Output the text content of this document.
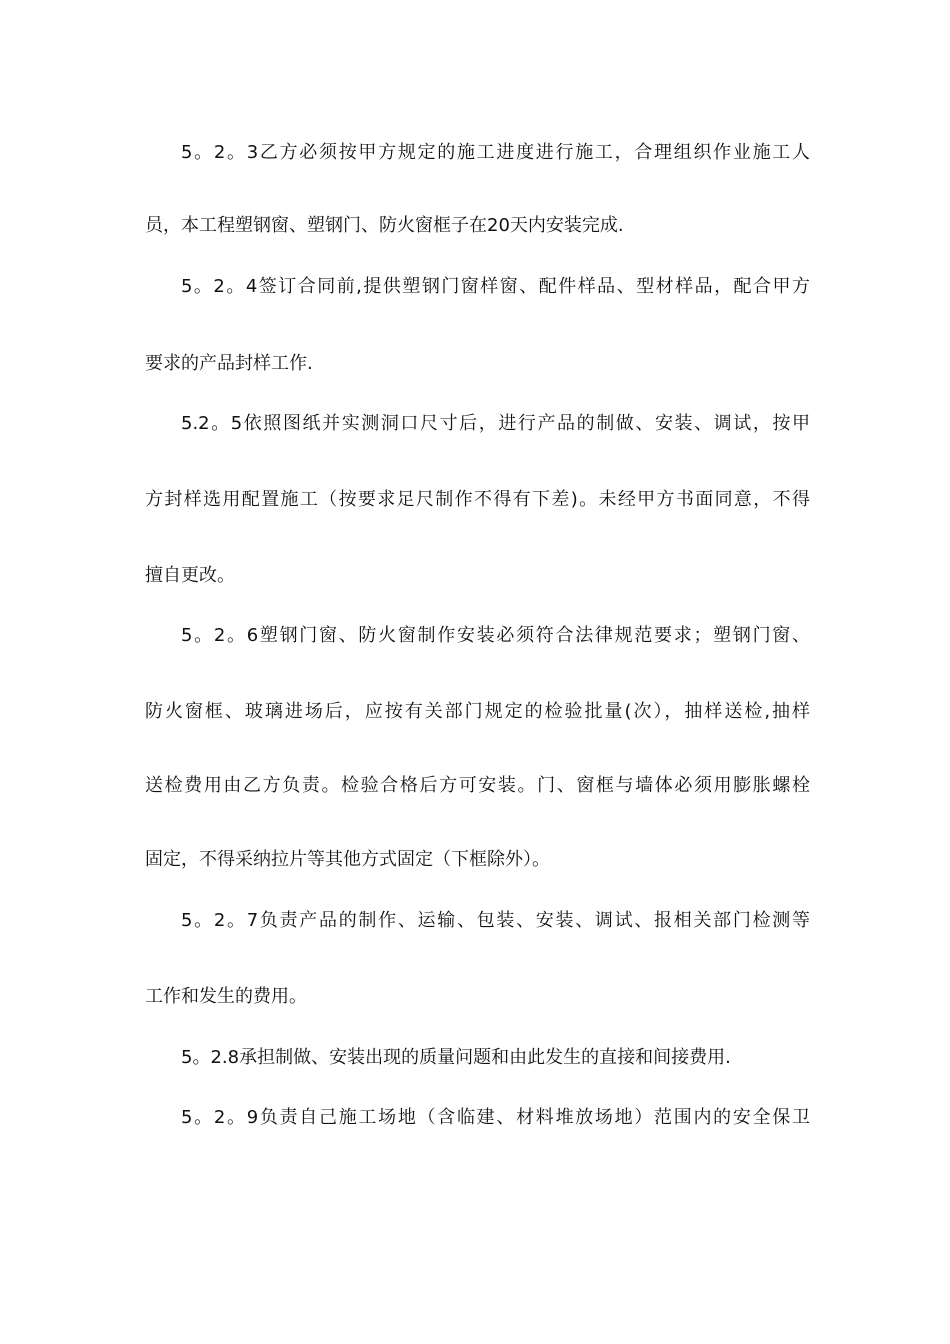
5。2。3乙方必须按甲方规定的施工进度进行施工，合理组织作业施工人
员，本工程塑钢窗、塑钢门、防火窗框子在20天内安装完成.
5。2。4签订合同前,提供塑钢门窗样窗、配件样品、型材样品，配合甲方
要求的产品封样工作.
5.2。5依照图纸并实测洞口尺寸后，进行产品的制做、安装、调试，按甲
方封样选用配置施工（按要求足尺制作不得有下差)。未经甲方书面同意，不得
擅自更改。
5。2。6塑钢门窗、防火窗制作安装必须符合法律规范要求；塑钢门窗、
防火窗框、玻璃进场后，应按有关部门规定的检验批量(次），抽样送检,抽样
送检费用由乙方负责。检验合格后方可安装。门、窗框与墙体必须用膨胀螺栓
固定，不得采纳拉片等其他方式固定（下框除外）。
5。2。7负责产品的制作、运输、包装、安装、调试、报相关部门检测等
工作和发生的费用。
5。2.8承担制做、安装出现的质量问题和由此发生的直接和间接费用.
5。2。9负责自己施工场地（含临建、材料堆放场地）范围内的安全保卫
